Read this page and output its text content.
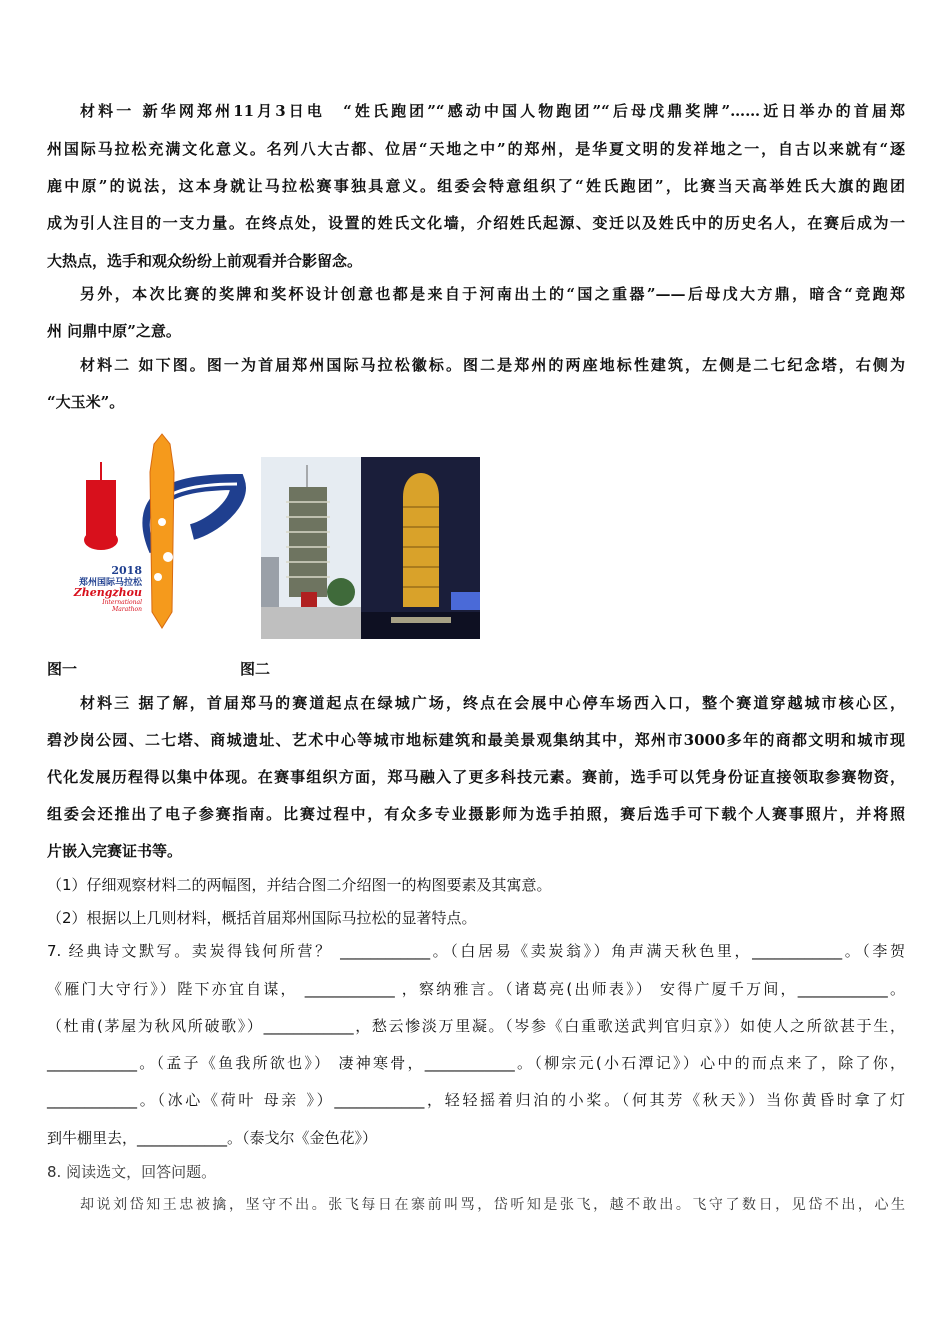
材料一 新华网郑州11月3日电　“姓氏跑团”“感动中国人物跑团”“后母戊鼎奖牌”……近日举办的首届郑
州国际马拉松充满文化意义。名列八大古都、位居“天地之中”的郑州，是华夏文明的发祥地之一，自古以来就有“逐
鹿中原”的说法，这本身就让马拉松赛事独具意义。组委会特意组织了“姓氏跑团”，比赛当天高举姓氏大旗的跑团
成为引人注目的一支力量。在终点处，设置的姓氏文化墙，介绍姓氏起源、变迁以及姓氏中的历史名人，在赛后成为一
大热点，选手和观众纷纷上前观看并合影留念。
另外，本次比赛的奖牌和奖杯设计创意也都是来自于河南出土的“国之重器”——后母戊大方鼎，暗含“竞跑郑
州 问鼎中原”之意。
材料二 如下图。图一为首届郑州国际马拉松徽标。图二是郑州的两座地标性建筑，左侧是二七纪念塔，右侧为
“大玉米”。
2018
郑州国际马拉松
Zhengzhou
International
Marathon
图一	图二
材料三 据了解，首届郑马的赛道起点在绿城广场，终点在会展中心停车场西入口，整个赛道穿越城市核心区，
碧沙岗公园、二七塔、商城遗址、艺术中心等城市地标建筑和最美景观集纳其中，郑州市3000多年的商都文明和城市现
代化发展历程得以集中体现。在赛事组织方面，郑马融入了更多科技元素。赛前，选手可以凭身份证直接领取参赛物资，
组委会还推出了电子参赛指南。比赛过程中，有众多专业摄影师为选手拍照，赛后选手可下载个人赛事照片，并将照
片嵌入完赛证书等。
（1）仔细观察材料二的两幅图，并结合图二介绍图一的构图要素及其寓意。
（2）根据以上几则材料，概括首届郑州国际马拉松的显著特点。
7. 经典诗文默写。卖炭得钱何所营？ ____________。（白居易《卖炭翁》）角声满天秋色里，____________。（李贺
《雁门大守行》）陛下亦宜自谋， ____________ ，察纳雅言。（诸葛亮(出师表》） 安得广厦千万间，____________。
（杜甫(茅屋为秋风所破歌》）____________，愁云惨淡万里凝。（岑参《白重歌送武判官归京》）如使人之所欲甚于生，
____________。（孟子《鱼我所欲也》） 凄神寒骨，____________。（柳宗元(小石潭记》）心中的而点来了，除了你，
____________。（冰心《荷叶 母亲 》）____________，轻轻摇着归泊的小桨。（何其芳《秋天》）当你黄昏时拿了灯
到牛棚里去，____________。（泰戈尔《金色花》）
8. 阅读选文，回答问题。
却说刘岱知王忠被擒，坚守不出。张飞每日在寨前叫骂，岱听知是张飞，越不敢出。飞守了数日，见岱不出，心生
